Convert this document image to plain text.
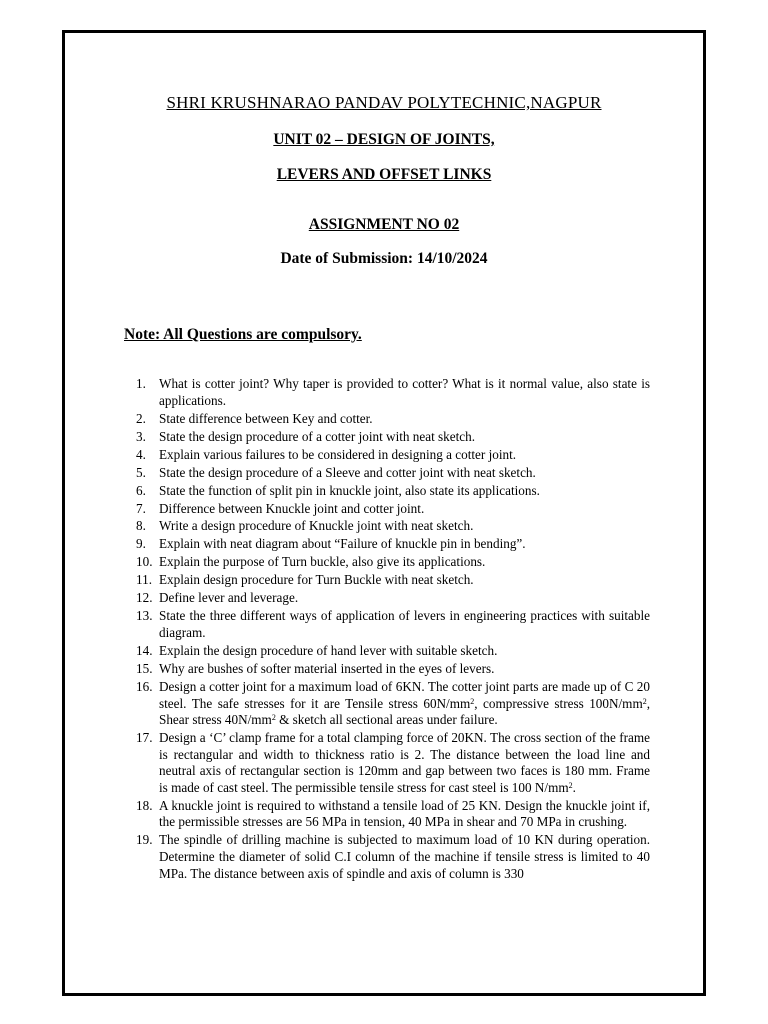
SHRI KRUSHNARAO PANDAV POLYTECHNIC,NAGPUR
UNIT 02 – DESIGN OF JOINTS,
LEVERS AND OFFSET LINKS
ASSIGNMENT NO 02
Date of Submission: 14/10/2024
Note: All Questions are compulsory.
1. What is cotter joint? Why taper is provided to cotter? What is it normal value, also state is applications.
2. State difference between Key and cotter.
3. State the design procedure of a cotter joint with neat sketch.
4. Explain various failures to be considered in designing a cotter joint.
5. State the design procedure of a Sleeve and cotter joint with neat sketch.
6. State the function of split pin in knuckle joint, also state its applications.
7. Difference between Knuckle joint and cotter joint.
8. Write a design procedure of Knuckle joint with neat sketch.
9. Explain with neat diagram about “Failure of knuckle pin in bending”.
10. Explain the purpose of Turn buckle, also give its applications.
11. Explain design procedure for Turn Buckle with neat sketch.
12. Define lever and leverage.
13. State the three different ways of application of levers in engineering practices with suitable diagram.
14. Explain the design procedure of hand lever with suitable sketch.
15. Why are bushes of softer material inserted in the eyes of levers.
16. Design a cotter joint for a maximum load of 6KN. The cotter joint parts are made up of C 20 steel. The safe stresses for it are Tensile stress $60N/mm^2$, compressive stress $100N/mm^2$, Shear stress $40N/mm^2$ & sketch all sectional areas under failure.
17. Design a ‘C’ clamp frame for a total clamping force of 20KN. The cross section of the frame is rectangular and width to thickness ratio is 2. The distance between the load line and neutral axis of rectangular section is 120mm and gap between two faces is 180 mm. Frame is made of cast steel. The permissible tensile stress for cast steel is 100 $N/mm^2$.
18. A knuckle joint is required to withstand a tensile load of 25 KN. Design the knuckle joint if, the permissible stresses are 56 MPa in tension, 40 MPa in shear and 70 MPa in crushing.
19. The spindle of drilling machine is subjected to maximum load of 10 KN during operation. Determine the diameter of solid C.I column of the machine if tensile stress is limited to 40 MPa. The distance between axis of spindle and axis of column is 330
